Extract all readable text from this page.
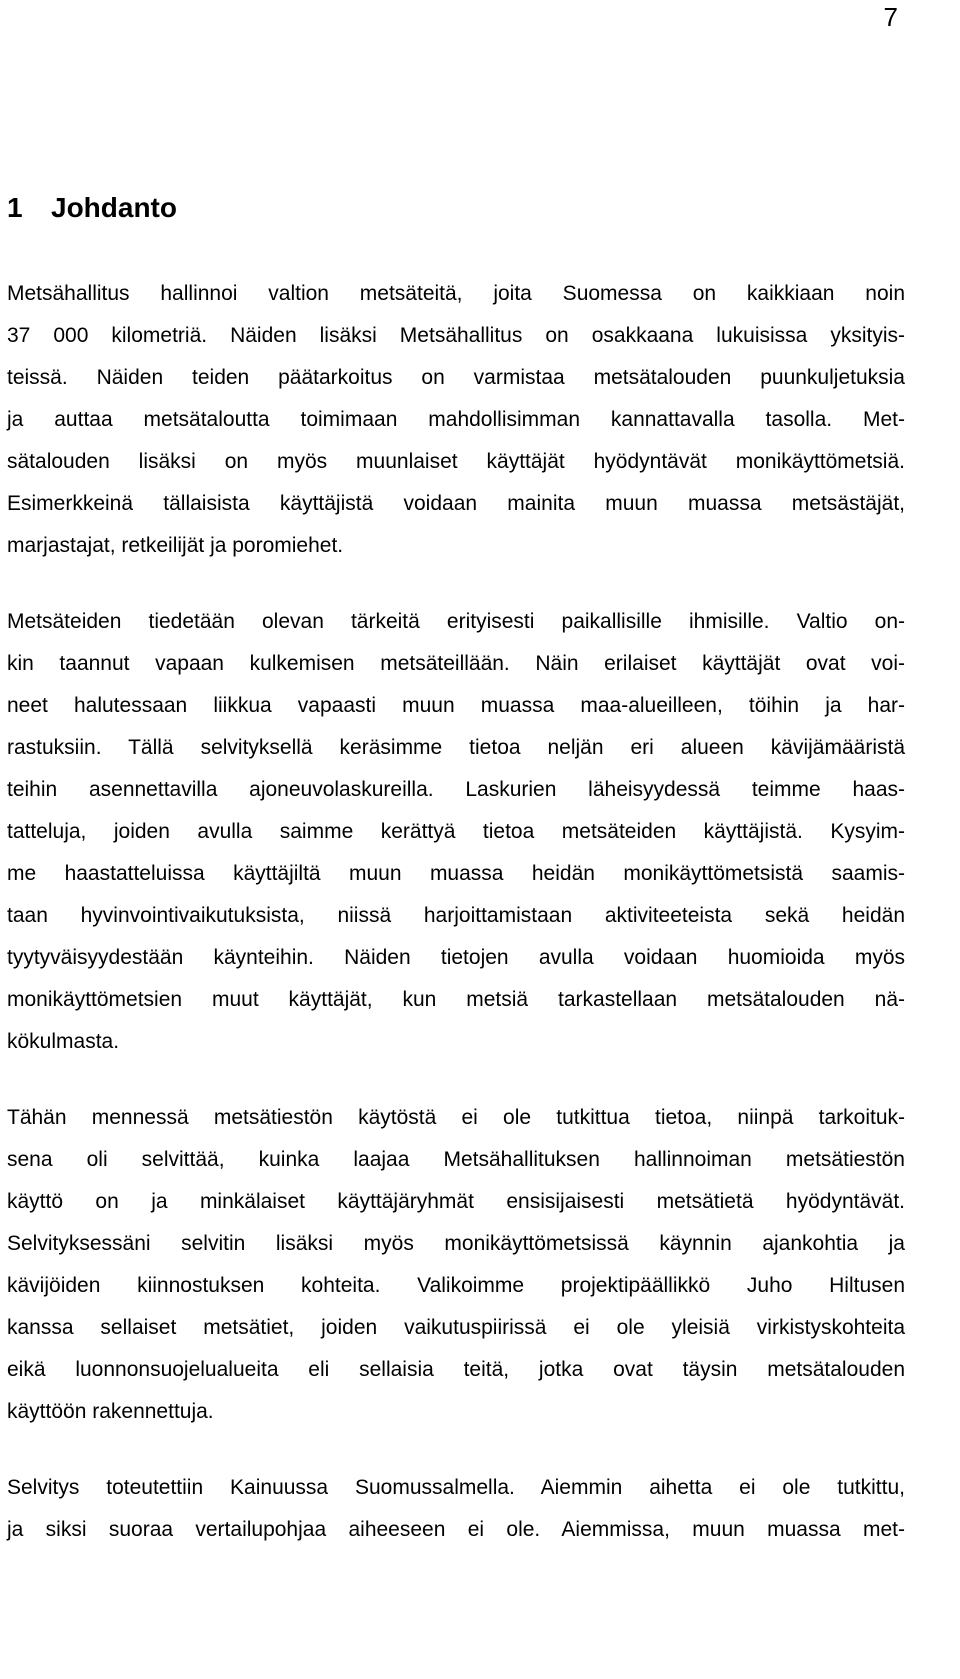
7
1 Johdanto
Metsähallitus hallinnoi valtion metsäteitä, joita Suomessa on kaikkiaan noin
37 000 kilometriä. Näiden lisäksi Metsähallitus on osakkaana lukuisissa yksityis-
teissä. Näiden teiden päätarkoitus on varmistaa metsätalouden puunkuljetuksia
ja auttaa metsätaloutta toimimaan mahdollisimman kannattavalla tasolla. Met-
sätalouden lisäksi on myös muunlaiset käyttäjät hyödyntävät monikäyttömetsiä.
Esimerkkeinä tällaisista käyttäjistä voidaan mainita muun muassa metsästäjät,
marjastajat, retkeilijät ja poromiehet.
Metsäteiden tiedetään olevan tärkeitä erityisesti paikallisille ihmisille. Valtio on-
kin taannut vapaan kulkemisen metsäteillään. Näin erilaiset käyttäjät ovat voi-
neet halutessaan liikkua vapaasti muun muassa maa-alueilleen, töihin ja har-
rastuksiin. Tällä selvityksellä keräsimme tietoa neljän eri alueen kävijämääristä
teihin asennettavilla ajoneuvolaskureilla. Laskurien läheisyydessä teimme haas-
tatteluja, joiden avulla saimme kerättyä tietoa metsäteiden käyttäjistä. Kysyim-
me haastatteluissa käyttäjiltä muun muassa heidän monikäyttömetsistä saamis-
taan hyvinvointivaikutuksista, niissä harjoittamistaan aktiviteeteista sekä heidän
tyytyväisyydestään käynteihin. Näiden tietojen avulla voidaan huomioida myös
monikäyttömetsien muut käyttäjät, kun metsiä tarkastellaan metsätalouden nä-
kökulmasta.
Tähän mennessä metsätiestön käytöstä ei ole tutkittua tietoa, niinpä tarkoituk-
sena oli selvittää, kuinka laajaa Metsähallituksen hallinnoiman metsätiestön
käyttö on ja minkälaiset käyttäjäryhmät ensisijaisesti metsätietä hyödyntävät.
Selvityksessäni selvitin lisäksi myös monikäyttömetsissä käynnin ajankohtia ja
kävijöiden kiinnostuksen kohteita. Valikoimme projektipäällikkö Juho Hiltusen
kanssa sellaiset metsätiet, joiden vaikutuspiirissä ei ole yleisiä virkistyskohteita
eikä luonnonsuojelualueita eli sellaisia teitä, jotka ovat täysin metsätalouden
käyttöön rakennettuja.
Selvitys toteutettiin Kainuussa Suomussalmella. Aiemmin aihetta ei ole tutkittu,
ja siksi suoraa vertailupohjaa aiheeseen ei ole. Aiemmissa, muun muassa met-
